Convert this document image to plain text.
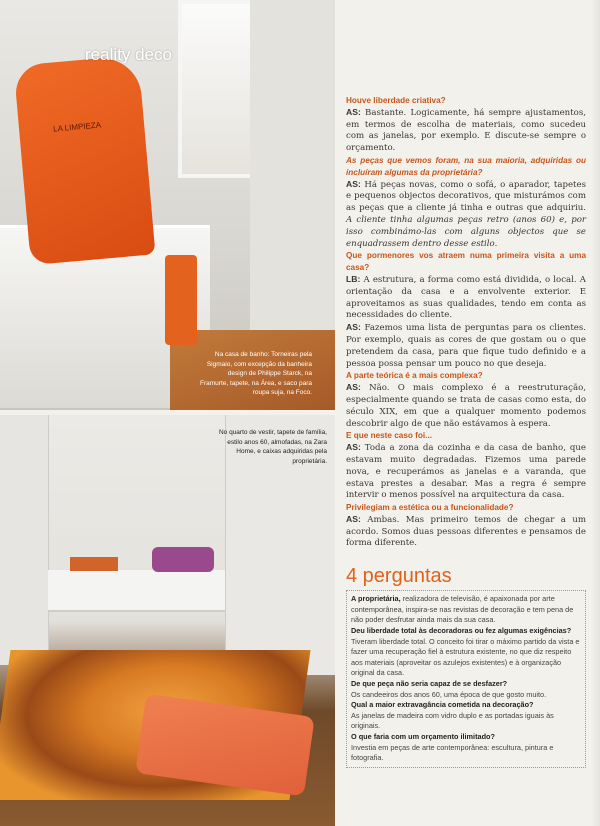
LA LIMPIEZA
reality deco
Na casa de banho: Torneiras pela Sigmaio, com excepção da banheira design de Philippe Starck, na Framurte, tapete, na Área, e saco para roupa suja, na Foco.
No quarto de vestir, tapete de família, estilo anos 60, almofadas, na Zara Home, e caixas adquiridas pela proprietária.

Houve liberdade criativa?

AS: Bastante. Logicamente, há sempre ajustamentos, em termos de escolha de materiais, como sucedeu com as janelas, por exemplo. E discute-se sempre o orçamento.

As peças que vemos foram, na sua maioria, adquiridas ou incluíram algumas da proprietária?

AS: Há peças novas, como o sofá, o aparador, tapetes e pequenos objectos decorativos, que misturámos com as peças que a cliente já tinha e outras que adquiriu. A cliente tinha algumas peças retro (anos 60) e, por isso combinámo-las com alguns objectos que se enquadrassem dentro desse estilo.

Que pormenores vos atraem numa primeira visita a uma casa?

LB: A estrutura, a forma como está dividida, o local. A orientação da casa e a envolvente exterior. E aproveitamos as suas qualidades, tendo em conta as necessidades do cliente.

AS: Fazemos uma lista de perguntas para os clientes. Por exemplo, quais as cores de que gostam ou o que pretendem da casa, para que fique tudo definido e a pessoa possa pensar um pouco no que deseja.

A parte teórica é a mais complexa?

AS: Não. O mais complexo é a reestruturação, especialmente quando se trata de casas como esta, do século XIX, em que a qualquer momento podemos descobrir algo de que não estávamos à espera.

E que neste caso foi...

AS: Toda a zona da cozinha e da casa de banho, que estavam muito degradadas. Fizemos uma parede nova, e recuperámos as janelas e a varanda, que estava prestes a desabar. Mas a regra é sempre intervir o menos possível na arquitectura da casa.

Privilegiam a estética ou a funcionalidade?

AS: Ambas. Mas primeiro temos de chegar a um acordo. Somos duas pessoas diferentes e pensamos de forma diferente.

4 perguntas

A proprietária, realizadora de televisão, é apaixonada por arte contemporânea, inspira-se nas revistas de decoração e tem pena de não poder desfrutar ainda mais da sua casa.

Deu liberdade total às decoradoras ou fez algumas exigências?

Tiveram liberdade total. O conceito foi tirar o máximo partido da vista e fazer uma recuperação fiel à estrutura existente, no que diz respeito aos materiais (aproveitar os azulejos existentes) e à organização original da casa.

De que peça não seria capaz de se desfazer?

Os candeeiros dos anos 60, uma época de que gosto muito.

Qual a maior extravagância cometida na decoração?

As janelas de madeira com vidro duplo e as portadas iguais às originais.

O que faria com um orçamento ilimitado?

Investia em peças de arte contemporânea: escultura, pintura e fotografia.
